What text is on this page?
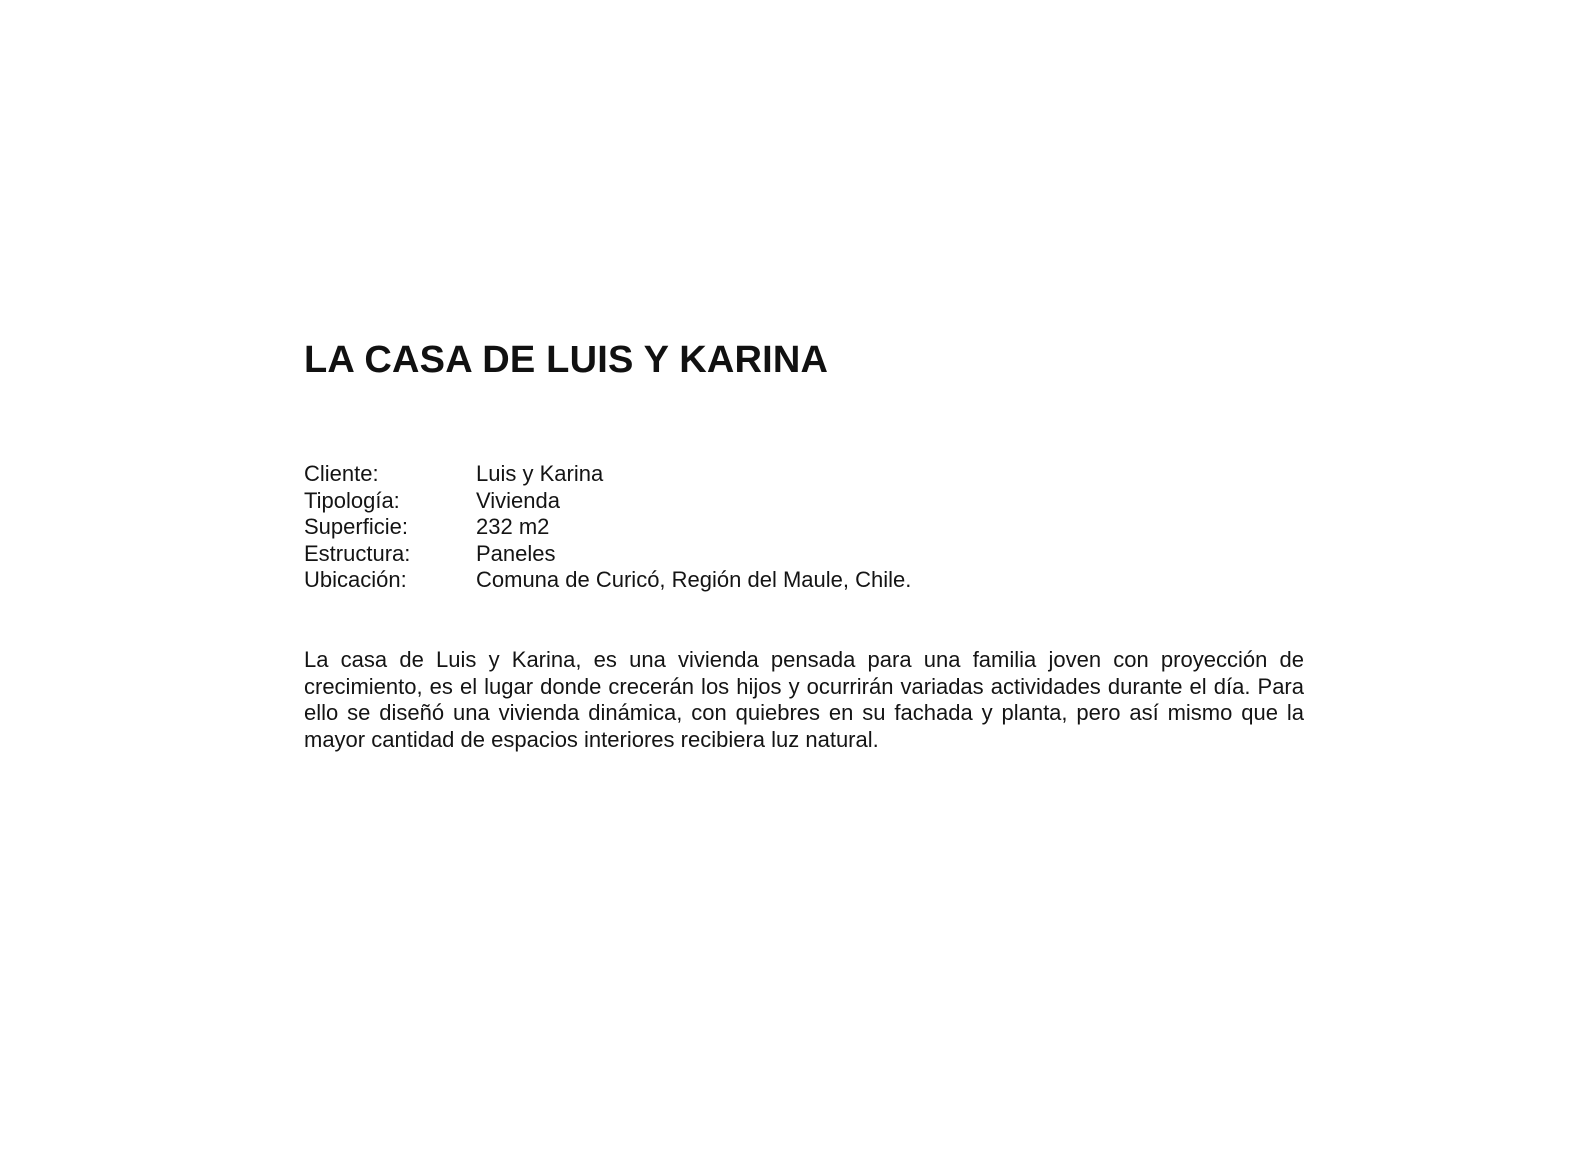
LA CASA DE LUIS Y KARINA
Cliente:	Luis y Karina
Tipología:	Vivienda
Superficie:	232 m2
Estructura:	Paneles
Ubicación:	Comuna de Curicó, Región del Maule, Chile.

La casa de Luis y Karina, es una vivienda pensada para una familia joven con proyección de crecimiento, es el lugar donde crecerán los hijos y ocurrirán variadas actividades durante el día. Para ello se diseñó una vivienda dinámica, con quiebres en su fachada y planta, pero así mismo que la mayor cantidad de espacios interiores recibiera luz natural.
